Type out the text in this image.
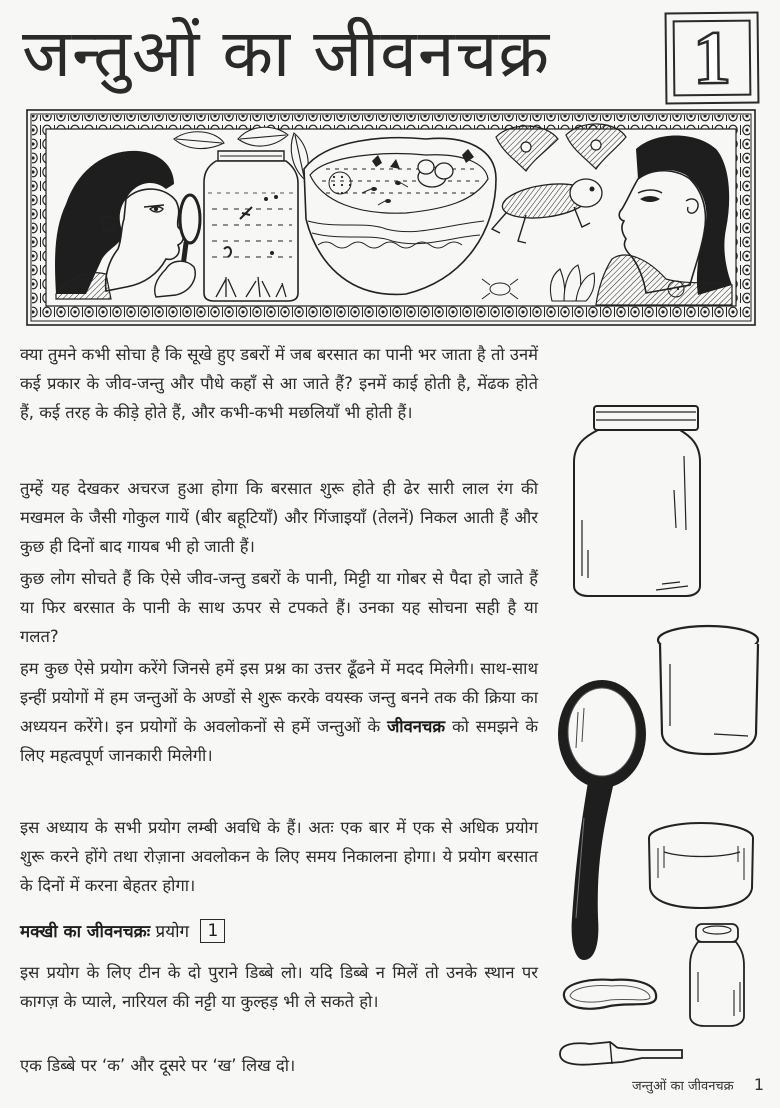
जन्तुओं का जीवनचक्र 1

क्या तुमने कभी सोचा है कि सूखे हुए डबरों में जब बरसात का पानी भर जाता है तो उनमें कई प्रकार के जीव-जन्तु और पौधे कहाँ से आ जाते हैं? इनमें काई होती है, मेंढक होते हैं, कई तरह के कीड़े होते हैं, और कभी-कभी मछलियाँ भी होती हैं।

तुम्हें यह देखकर अचरज हुआ होगा कि बरसात शुरू होते ही ढेर सारी लाल रंग की मखमल के जैसी गोकुल गायें (बीर बहूटियाँ) और गिंजाइयाँ (तेलनें) निकल आती हैं और कुछ ही दिनों बाद गायब भी हो जाती हैं।

कुछ लोग सोचते हैं कि ऐसे जीव-जन्तु डबरों के पानी, मिट्टी या गोबर से पैदा हो जाते हैं या फिर बरसात के पानी के साथ ऊपर से टपकते हैं। उनका यह सोचना सही है या गलत?

हम कुछ ऐसे प्रयोग करेंगे जिनसे हमें इस प्रश्न का उत्तर ढूँढने में मदद मिलेगी। साथ-साथ इन्हीं प्रयोगों में हम जन्तुओं के अण्डों से शुरू करके वयस्क जन्तु बनने तक की क्रिया का अध्ययन करेंगे। इन प्रयोगों के अवलोकनों से हमें जन्तुओं के जीवनचक्र को समझने के लिए महत्वपूर्ण जानकारी मिलेगी।

इस अध्याय के सभी प्रयोग लम्बी अवधि के हैं। अतः एक बार में एक से अधिक प्रयोग शुरू करने होंगे तथा रोज़ाना अवलोकन के लिए समय निकालना होगा। ये प्रयोग बरसात के दिनों में करना बेहतर होगा।

मक्खी का जीवनचक्रः प्रयोग 1

इस प्रयोग के लिए टीन के दो पुराने डिब्बे लो। यदि डिब्बे न मिलें तो उनके स्थान पर कागज़ के प्याले, नारियल की नट्टी या कुल्हड़ भी ले सकते हो।

एक डिब्बे पर ‘क’ और दूसरे पर ‘ख’ लिख दो।

जन्तुओं का जीवनचक्र 1
